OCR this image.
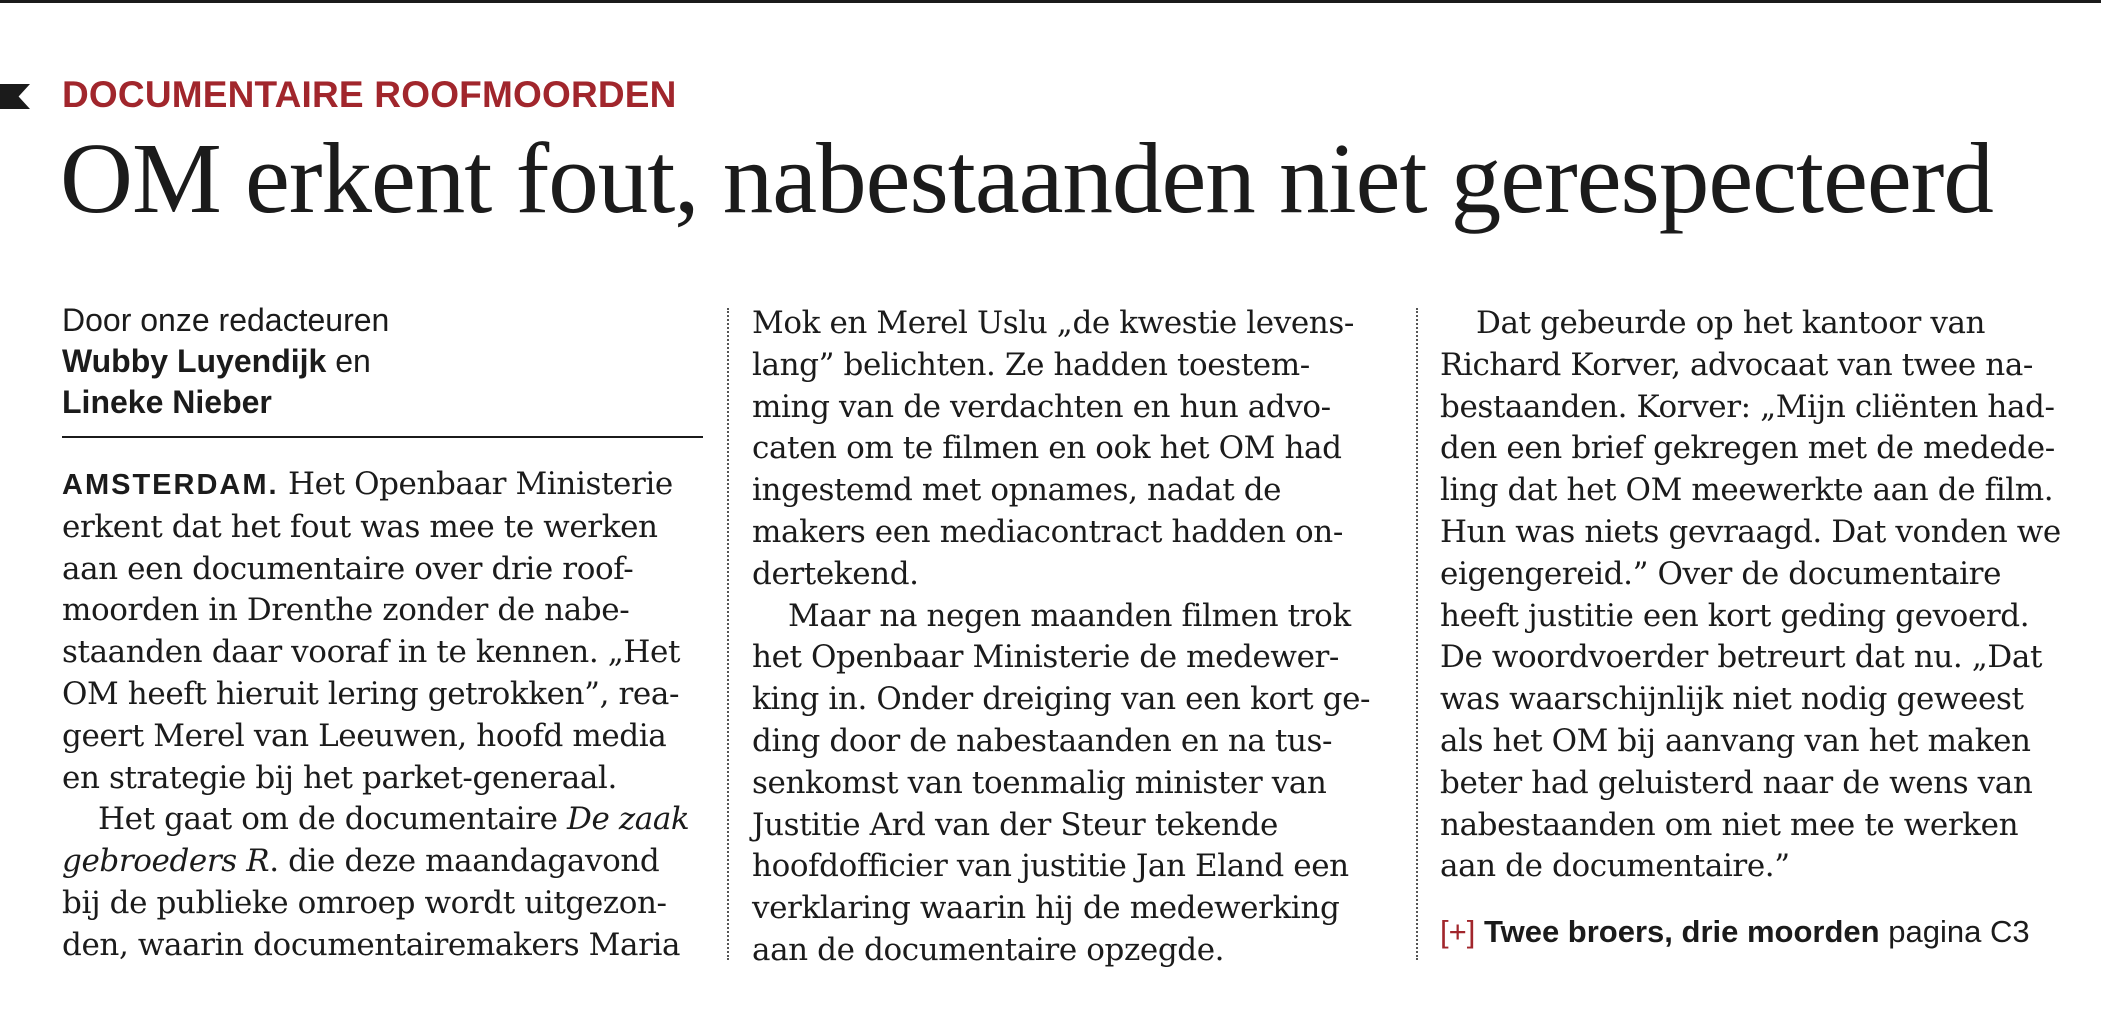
DOCUMENTAIRE ROOFMOORDEN
OM erkent fout, nabestaanden niet gerespecteerd
Door onze redacteuren
Wubby Luyendijk en
Lineke Nieber
AMSTERDAM. Het Openbaar Ministerie
erkent dat het fout was mee te werken
aan een documentaire over drie roof-
moorden in Drenthe zonder de nabe-
staanden daar vooraf in te kennen. „Het
OM heeft hieruit lering getrokken”, rea-
geert Merel van Leeuwen, hoofd media
en strategie bij het parket-generaal.
Het gaat om de documentaire De zaak
gebroeders R. die deze maandagavond
bij de publieke omroep wordt uitgezon-
den, waarin documentairemakers Maria
Mok en Merel Uslu „de kwestie levens-
lang” belichten. Ze hadden toestem-
ming van de verdachten en hun advo-
caten om te filmen en ook het OM had
ingestemd met opnames, nadat de
makers een mediacontract hadden on-
dertekend.
Maar na negen maanden filmen trok
het Openbaar Ministerie de medewer-
king in. Onder dreiging van een kort ge-
ding door de nabestaanden en na tus-
senkomst van toenmalig minister van
Justitie Ard van der Steur tekende
hoofdofficier van justitie Jan Eland een
verklaring waarin hij de medewerking
aan de documentaire opzegde.
Dat gebeurde op het kantoor van
Richard Korver, advocaat van twee na-
bestaanden. Korver: „Mijn cliënten had-
den een brief gekregen met de medede-
ling dat het OM meewerkte aan de film.
Hun was niets gevraagd. Dat vonden we
eigengereid.” Over de documentaire
heeft justitie een kort geding gevoerd.
De woordvoerder betreurt dat nu. „Dat
was waarschijnlijk niet nodig geweest
als het OM bij aanvang van het maken
beter had geluisterd naar de wens van
nabestaanden om niet mee te werken
aan de documentaire.”
[+] Twee broers, drie moorden pagina C3
